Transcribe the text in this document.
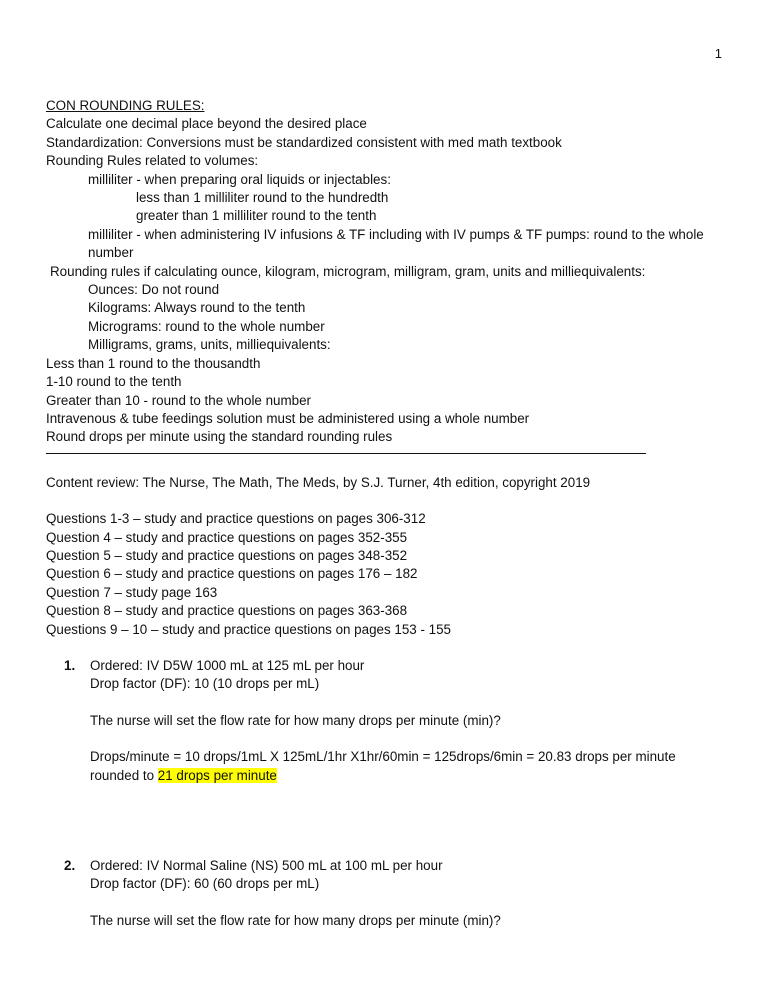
1
CON ROUNDING RULES:
Calculate one decimal place beyond the desired place
Standardization: Conversions must be standardized consistent with med math textbook
Rounding Rules related to volumes:
milliliter - when preparing oral liquids or injectables:
less than 1 milliliter round to the hundredth
greater than 1 milliliter round to the tenth
milliliter - when administering IV infusions & TF including with IV pumps & TF pumps: round to the whole number
Rounding rules if calculating ounce, kilogram, microgram, milligram, gram, units and milliequivalents:
Ounces: Do not round
Kilograms: Always round to the tenth
Micrograms: round to the whole number
Milligrams, grams, units, milliequivalents:
Less than 1 round to the thousandth
1-10 round to the tenth
Greater than 10 - round to the whole number
Intravenous & tube feedings solution must be administered using a whole number
Round drops per minute using the standard rounding rules
Content review: The Nurse, The Math, The Meds, by S.J. Turner, 4th edition, copyright 2019
Questions 1-3 – study and practice questions on pages 306-312
Question 4 – study and practice questions on pages 352-355
Question 5 – study and practice questions on pages 348-352
Question 6 – study and practice questions on pages 176 – 182
Question 7 – study page 163
Question 8 – study and practice questions on pages 363-368
Questions 9 – 10 – study and practice questions on pages 153 - 155
1. Ordered: IV D5W 1000 mL at 125 mL per hour
Drop factor (DF): 10 (10 drops per mL)
The nurse will set the flow rate for how many drops per minute (min)?
Drops/minute = 10 drops/1mL X 125mL/1hr X1hr/60min = 125drops/6min = 20.83 drops per minute
rounded to 21 drops per minute
2. Ordered: IV Normal Saline (NS) 500 mL at 100 mL per hour
Drop factor (DF): 60 (60 drops per mL)
The nurse will set the flow rate for how many drops per minute (min)?
